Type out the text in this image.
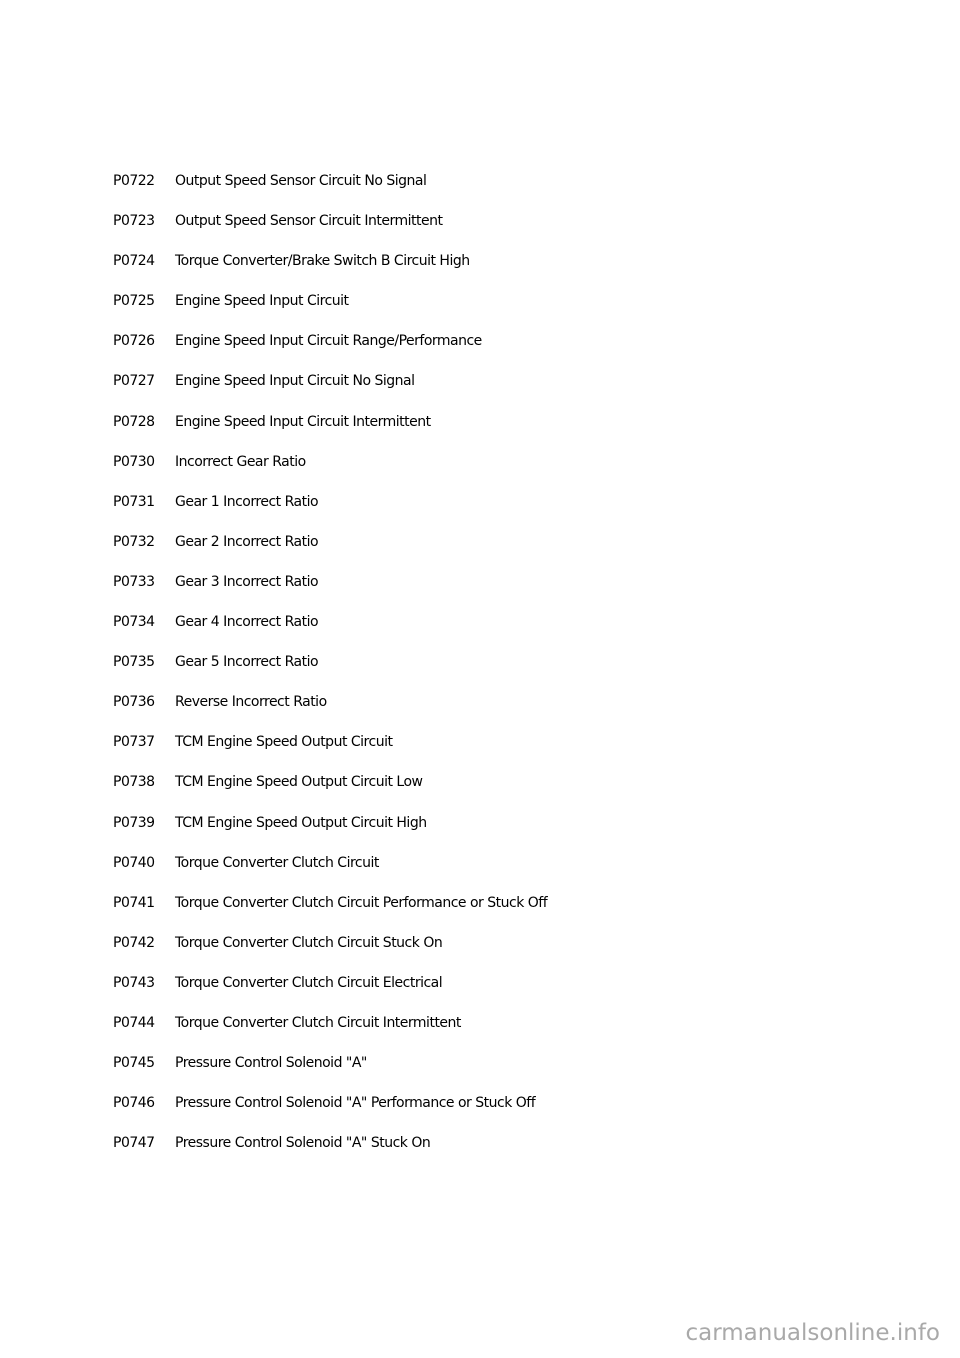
P0722 Output Speed Sensor Circuit No Signal
P0723 Output Speed Sensor Circuit Intermittent
P0724 Torque Converter/Brake Switch B Circuit High
P0725 Engine Speed Input Circuit
P0726 Engine Speed Input Circuit Range/Performance
P0727 Engine Speed Input Circuit No Signal
P0728 Engine Speed Input Circuit Intermittent
P0730 Incorrect Gear Ratio
P0731 Gear 1 Incorrect Ratio
P0732 Gear 2 Incorrect Ratio
P0733 Gear 3 Incorrect Ratio
P0734 Gear 4 Incorrect Ratio
P0735 Gear 5 Incorrect Ratio
P0736 Reverse Incorrect Ratio
P0737 TCM Engine Speed Output Circuit
P0738 TCM Engine Speed Output Circuit Low
P0739 TCM Engine Speed Output Circuit High
P0740 Torque Converter Clutch Circuit
P0741 Torque Converter Clutch Circuit Performance or Stuck Off
P0742 Torque Converter Clutch Circuit Stuck On
P0743 Torque Converter Clutch Circuit Electrical
P0744 Torque Converter Clutch Circuit Intermittent
P0745 Pressure Control Solenoid "A"
P0746 Pressure Control Solenoid "A" Performance or Stuck Off
P0747 Pressure Control Solenoid "A" Stuck On
carmanualsonline.info
